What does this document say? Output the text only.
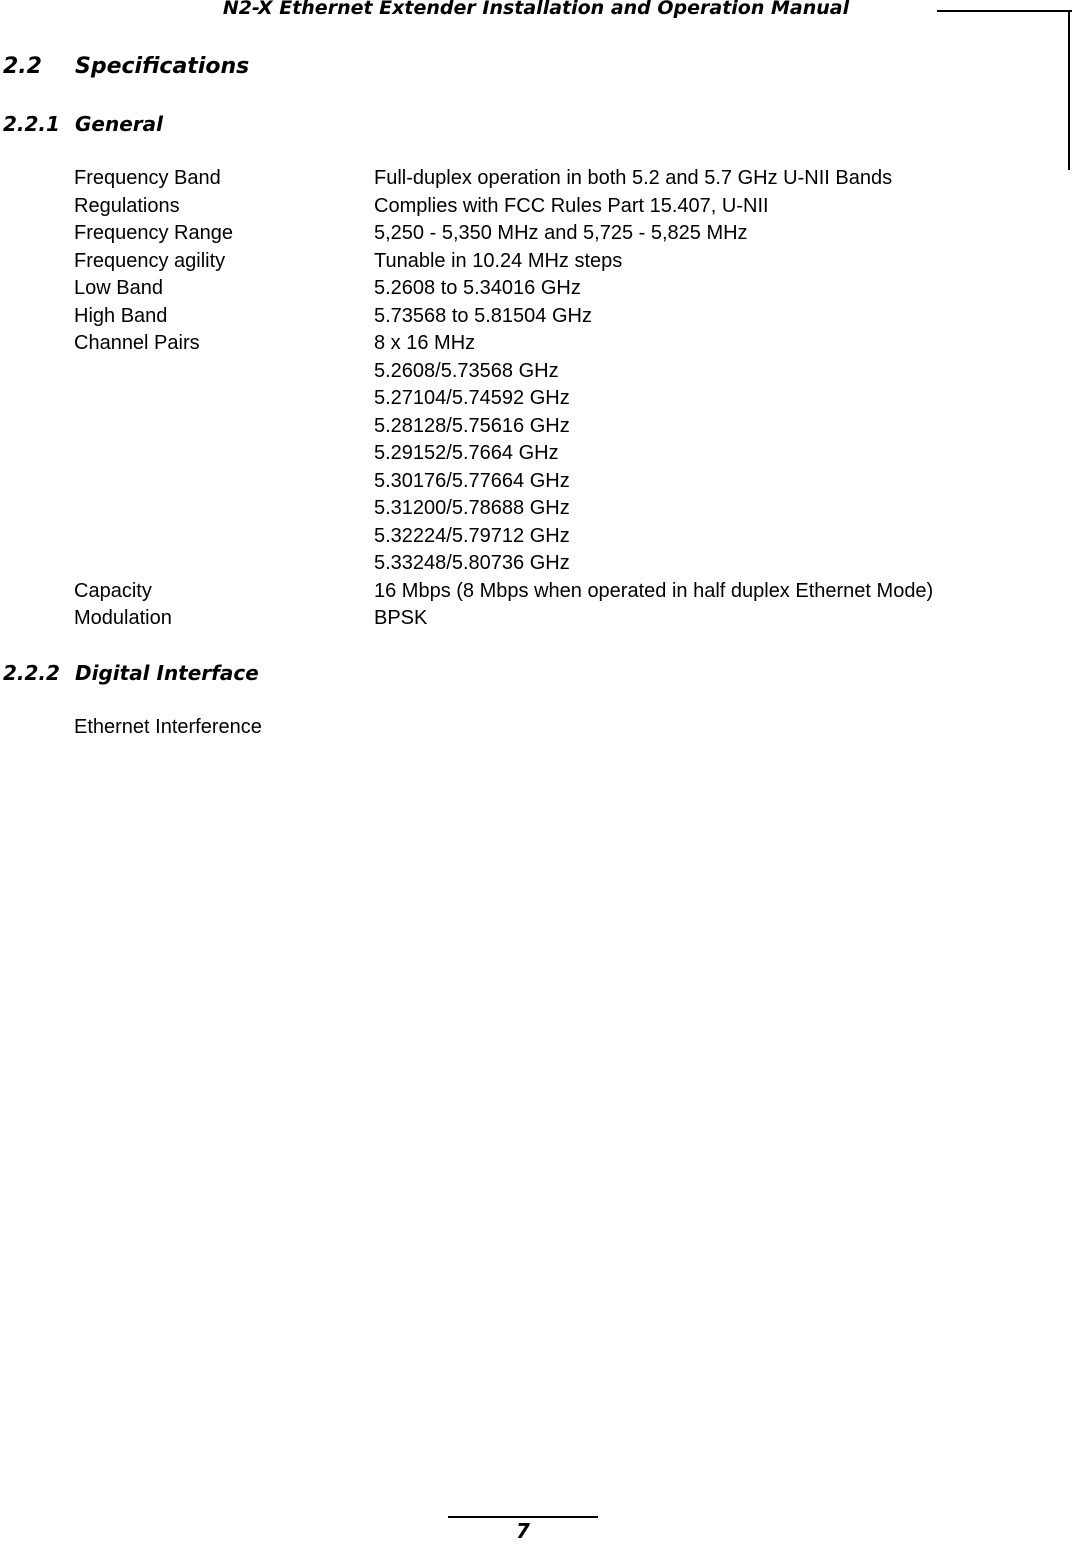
N2-X Ethernet Extender Installation and Operation Manual
2.2 Specifications
2.2.1 General
Frequency Band	Full-duplex operation in both 5.2 and 5.7 GHz U-NII Bands
Regulations	Complies with FCC Rules Part 15.407, U-NII
Frequency Range	5,250 - 5,350 MHz and 5,725 - 5,825 MHz
Frequency agility	Tunable in 10.24 MHz steps
Low Band	5.2608 to 5.34016 GHz
High Band	5.73568 to 5.81504 GHz
Channel Pairs	8 x 16 MHz
5.2608/5.73568 GHz
5.27104/5.74592 GHz
5.28128/5.75616 GHz
5.29152/5.7664 GHz
5.30176/5.77664 GHz
5.31200/5.78688 GHz
5.32224/5.79712 GHz
5.33248/5.80736 GHz
Capacity	16 Mbps (8 Mbps when operated in half duplex Ethernet Mode)
Modulation	BPSK
2.2.2 Digital Interface
Ethernet Interference
7
